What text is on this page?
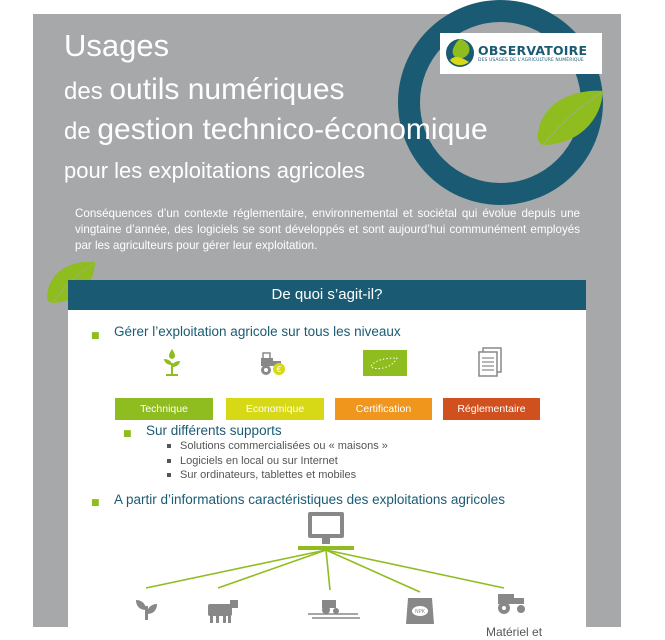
OBSERVATOIRE
DES USAGES DE L'AGRICULTURE NUMÉRIQUE
Usages
des outils numériques
de gestion technico-économique
pour les exploitations agricoles
Conséquences d’un contexte réglementaire, environnemental et sociétal qui évolue depuis une vingtaine d’année, des logiciels se sont développés et sont aujourd’hui communément employés par les agriculteurs pour gérer leur exploitation.
De quoi s’agit-il?
■ Gérer l’exploitation agricole sur tous les niveaux
€
Technique	Economique	Certification	Réglementaire
■ Sur différents supports
Solutions commercialisées ou « maisons »
Logiciels en local ou sur Internet
Sur ordinateurs, tablettes et mobiles
■ A partir d’informations caractéristiques des exploitations agricoles
NPK
Matériel et
